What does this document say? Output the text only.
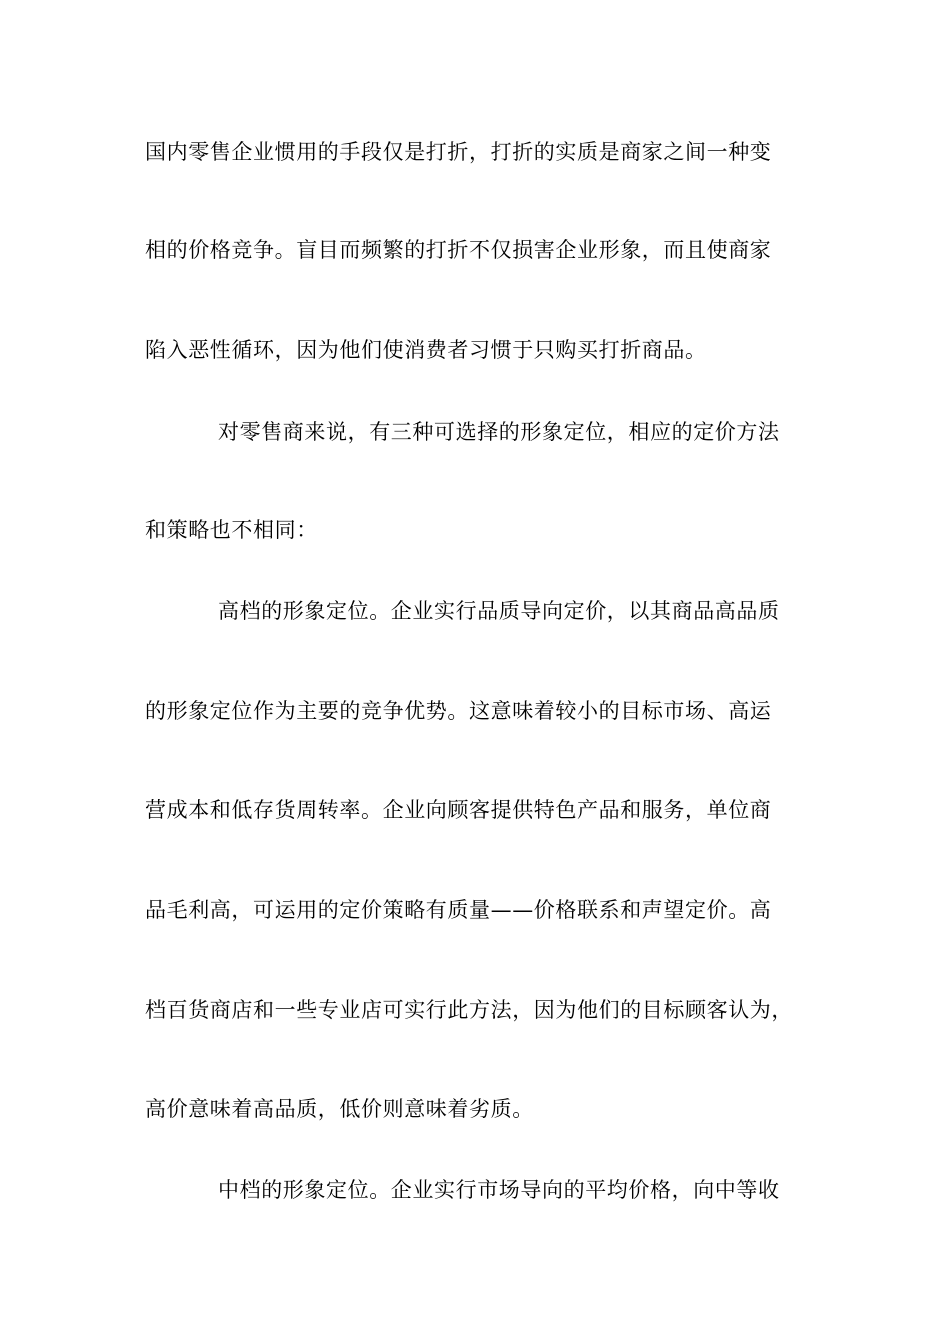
国内零售企业惯用的手段仅是打折，打折的实质是商家之间一种变
相的价格竞争。盲目而频繁的打折不仅损害企业形象，而且使商家
陷入恶性循环，因为他们使消费者习惯于只购买打折商品。
对零售商来说，有三种可选择的形象定位，相应的定价方法
和策略也不相同：
高档的形象定位。企业实行品质导向定价，以其商品高品质
的形象定位作为主要的竞争优势。这意味着较小的目标市场、高运
营成本和低存货周转率。企业向顾客提供特色产品和服务，单位商
品毛利高，可运用的定价策略有质量——价格联系和声望定价。高
档百货商店和一些专业店可实行此方法，因为他们的目标顾客认为，
高价意味着高品质，低价则意味着劣质。
中档的形象定位。企业实行市场导向的平均价格，向中等收
